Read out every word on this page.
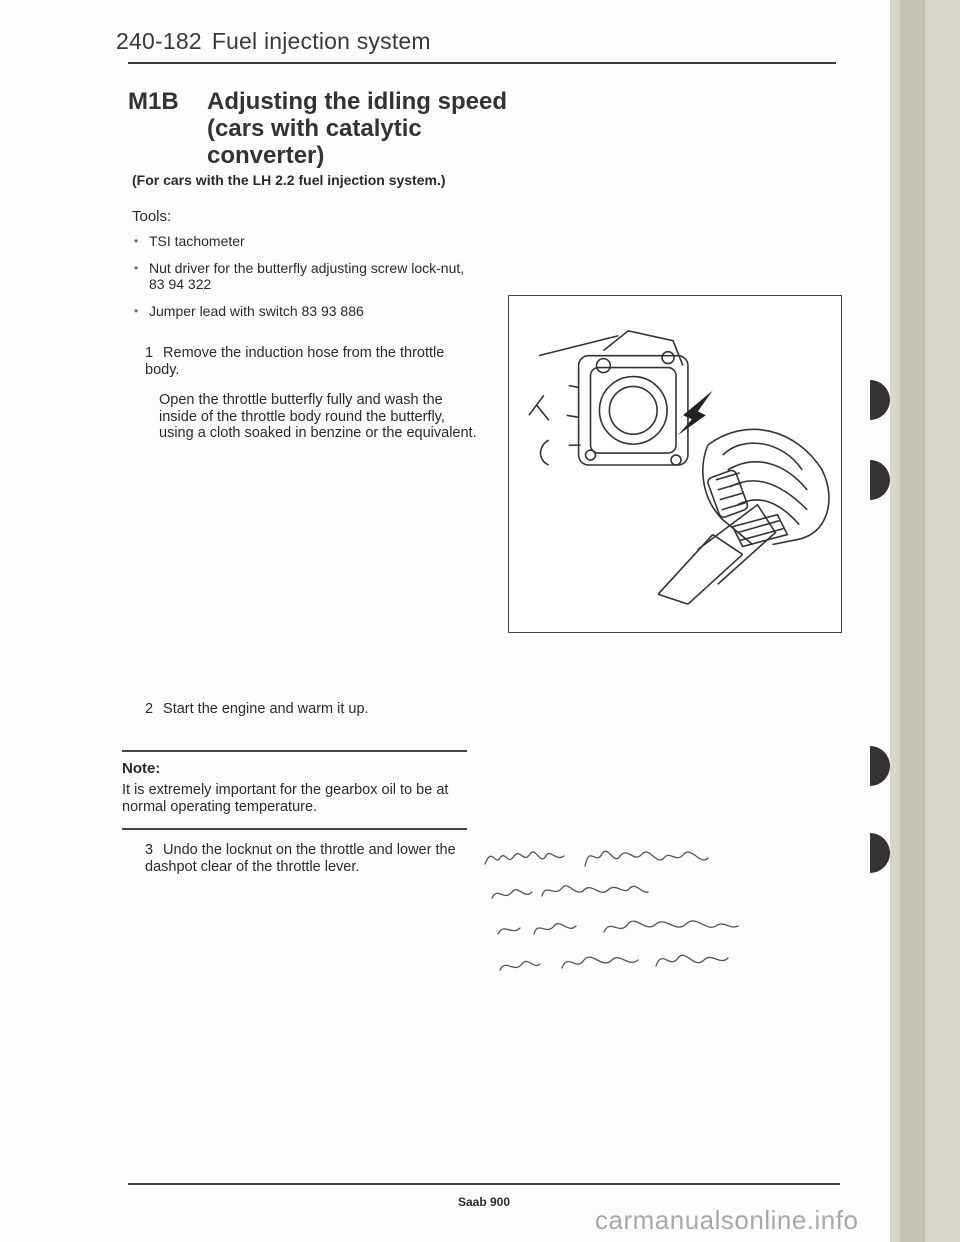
240-182 Fuel injection system
M1B Adjusting the idling speed (cars with catalytic converter)
(For cars with the LH 2.2 fuel injection system.)
Tools:
• TSI tachometer
• Nut driver for the butterfly adjusting screw lock-nut,
83 94 322
• Jumper lead with switch 83 93 886
1 Remove the induction hose from the throttle body.
Open the throttle butterfly fully and wash the inside of the throttle body round the butterfly, using a cloth soaked in benzine or the equivalent.
2 Start the engine and warm it up.
Note:
It is extremely important for the gearbox oil to be at normal operating temperature.
3 Undo the locknut on the throttle and lower the dashpot clear of the throttle lever.
Saab 900
carmanualsonline.info
